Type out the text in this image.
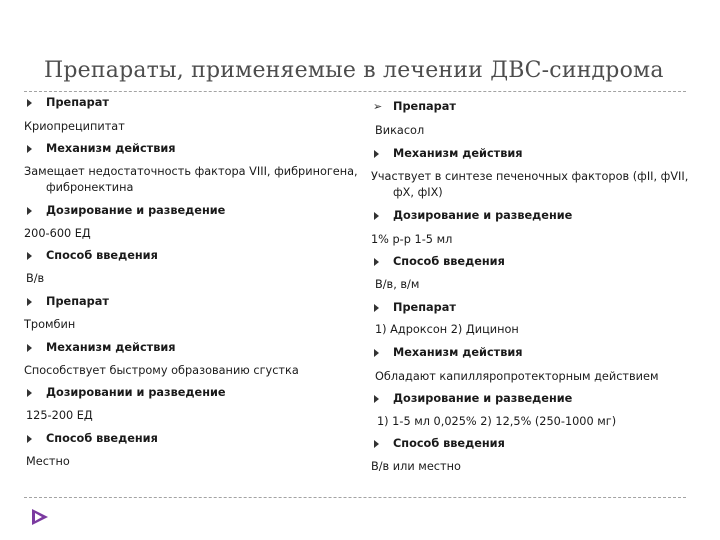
Препараты, применяемые в лечении ДВС-синдрома
Препарат
Криопреципитат
Механизм действия
Замещает недостаточность фактора VIII, фибриногена, фибронектина
Дозирование и разведение
200-600 ЕД
Способ введения
В/в
Препарат
Тромбин
Механизм действия
Способствует быстрому образованию сгустка
Дозировании и разведение
125-200 ЕД
Способ введения
Местно
➢ Препарат
Викасол
Механизм действия
Участвует в синтезе печеночных факторов (фII, фVII, фX, фIX)
Дозирование и разведение
1% р-р 1-5 мл
Способ введения
В/в, в/м
Препарат
1) Адроксон 2) Дицинон
Механизм действия
Обладают капилляропротекторным действием
Дозирование и разведение
1) 1-5 мл 0,025% 2) 12,5% (250-1000 мг)
Способ введения
В/в или местно
